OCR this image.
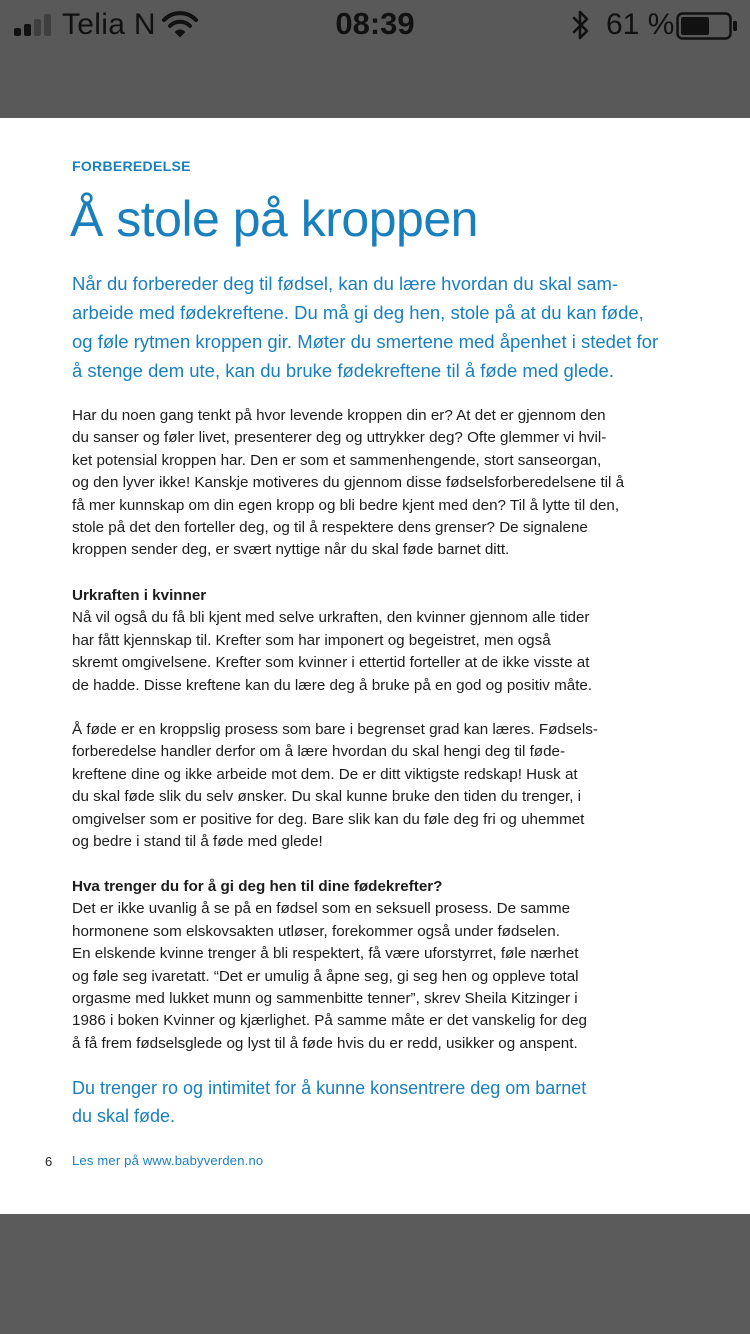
Telia N	08:39	61 %
FORBEREDELSE
Å stole på kroppen
Når du forbereder deg til fødsel, kan du lære hvordan du skal sam-
arbeide med fødekreftene. Du må gi deg hen, stole på at du kan føde,
og føle rytmen kroppen gir. Møter du smertene med åpenhet i stedet for
å stenge dem ute, kan du bruke fødekreftene til å føde med glede.
Har du noen gang tenkt på hvor levende kroppen din er? At det er gjennom den
du sanser og føler livet, presenterer deg og uttrykker deg? Ofte glemmer vi hvil-
ket potensial kroppen har. Den er som et sammenhengende, stort sanseorgan,
og den lyver ikke! Kanskje motiveres du gjennom disse fødselsforberedelsene til å
få mer kunnskap om din egen kropp og bli bedre kjent med den? Til å lytte til den,
stole på det den forteller deg, og til å respektere dens grenser? De signalene
kroppen sender deg, er svært nyttige når du skal føde barnet ditt.
Urkraften i kvinner
Nå vil også du få bli kjent med selve urkraften, den kvinner gjennom alle tider
har fått kjennskap til. Krefter som har imponert og begeistret, men også
skremt omgivelsene. Krefter som kvinner i ettertid forteller at de ikke visste at
de hadde. Disse kreftene kan du lære deg å bruke på en god og positiv måte.
Å føde er en kroppslig prosess som bare i begrenset grad kan læres. Fødsels-
forberedelse handler derfor om å lære hvordan du skal hengi deg til føde-
kreftene dine og ikke arbeide mot dem. De er ditt viktigste redskap! Husk at
du skal føde slik du selv ønsker. Du skal kunne bruke den tiden du trenger, i
omgivelser som er positive for deg. Bare slik kan du føle deg fri og uhemmet
og bedre i stand til å føde med glede!
Hva trenger du for å gi deg hen til dine fødekrefter?
Det er ikke uvanlig å se på en fødsel som en seksuell prosess. De samme
hormonene som elskovsakten utløser, forekommer også under fødselen.
En elskende kvinne trenger å bli respektert, få være uforstyrret, føle nærhet
og føle seg ivaretatt. “Det er umulig å åpne seg, gi seg hen og oppleve total
orgasme med lukket munn og sammenbitte tenner”, skrev Sheila Kitzinger i
1986 i boken Kvinner og kjærlighet. På samme måte er det vanskelig for deg
å få frem fødselsglede og lyst til å føde hvis du er redd, usikker og anspent.
Du trenger ro og intimitet for å kunne konsentrere deg om barnet
du skal føde.
6 Les mer på www.babyverden.no
